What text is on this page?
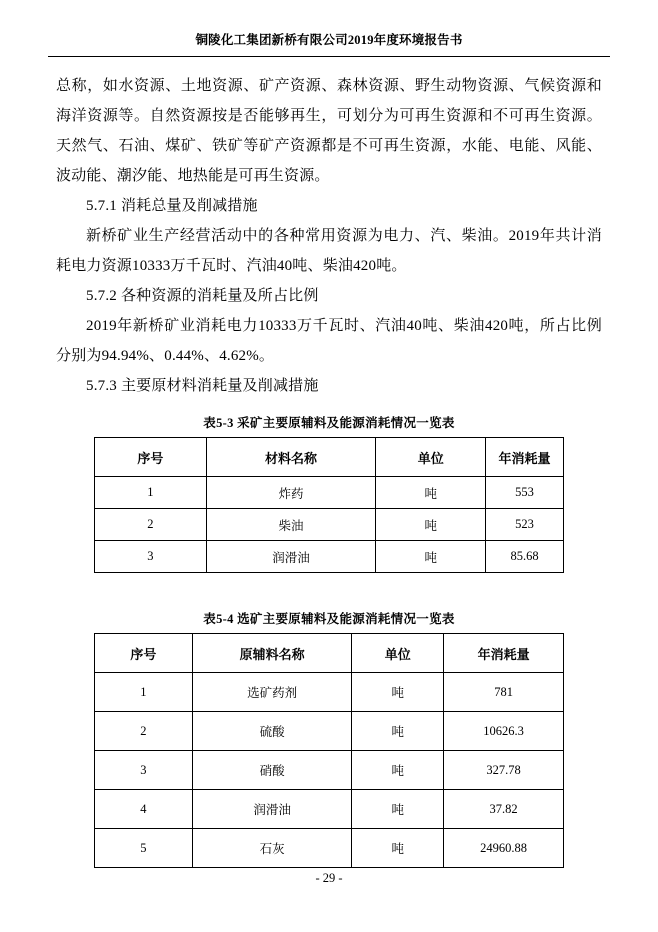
铜陵化工集团新桥有限公司2019年度环境报告书

总称，如水资源、土地资源、矿产资源、森林资源、野生动物资源、气候资源和海洋资源等。自然资源按是否能够再生，可划分为可再生资源和不可再生资源。天然气、石油、煤矿、铁矿等矿产资源都是不可再生资源，水能、电能、风能、波动能、潮汐能、地热能是可再生资源。

5.7.1 消耗总量及削减措施

新桥矿业生产经营活动中的各种常用资源为电力、汽、柴油。2019年共计消耗电力资源10333万千瓦时、汽油40吨、柴油420吨。

5.7.2 各种资源的消耗量及所占比例

2019年新桥矿业消耗电力10333万千瓦时、汽油40吨、柴油420吨，所占比例分别为94.94%、0.44%、4.62%。

5.7.3 主要原材料消耗量及削减措施

表5-3 采矿主要原辅料及能源消耗情况一览表
序号	材料名称	单位	年消耗量
1	炸药	吨	553
2	柴油	吨	523
3	润滑油	吨	85.68
表5-4 选矿主要原辅料及能源消耗情况一览表
序号	原辅料名称	单位	年消耗量
1	选矿药剂	吨	781
2	硫酸	吨	10626.3
3	硝酸	吨	327.78
4	润滑油	吨	37.82
5	石灰	吨	24960.88
- 29 -
